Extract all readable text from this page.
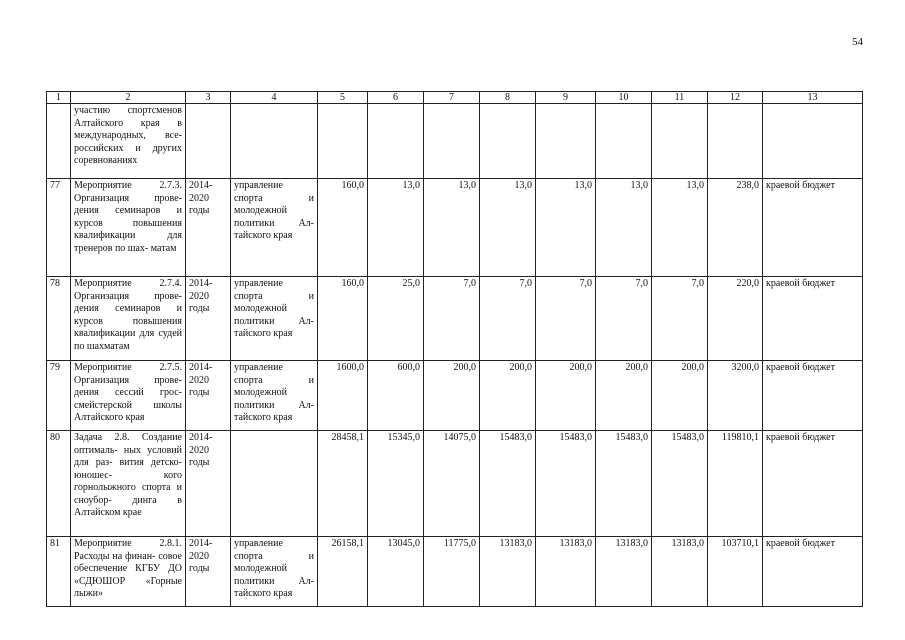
54
1	2	3	4	5	6	7	8	9	10	11	12	13
	участию спортсменов Алтайского края в международных, все- российских и других соревнованиях											
77	Мероприятие 2.7.3. Организация прове- дения семинаров и курсов повышения квалификации для тренеров по шах- матам	2014- 2020 годы	управление спорта и молодежной политики Ал- тайского края	160,0	13,0	13,0	13,0	13,0	13,0	13,0	238,0	краевой бюджет
78	Мероприятие 2.7.4. Организация прове- дения семинаров и курсов повышения квалификации для судей по шахматам	2014- 2020 годы	управление спорта и молодежной политики Ал- тайского края	160,0	25,0	7,0	7,0	7,0	7,0	7,0	220,0	краевой бюджет
79	Мероприятие 2.7.5. Организация прове- дения сессий грос- смейстерской школы Алтайского края	2014- 2020 годы	управление спорта и молодежной политики Ал- тайского края	1600,0	600,0	200,0	200,0	200,0	200,0	200,0	3200,0	краевой бюджет
80	Задача 2.8. Создание оптималь- ных условий для раз- вития детско-юношес- кого горнолыжного спорта и сноубор- динга в Алтайском крае	2014- 2020 годы		28458,1	15345,0	14075,0	15483,0	15483,0	15483,0	15483,0	119810,1	краевой бюджет
81	Мероприятие 2.8.1. Расходы на финан- совое обеспечение КГБУ ДО «СДЮШОР «Горные лыжи»	2014- 2020 годы	управление спорта и молодежной политики Ал- тайского края	26158,1	13045,0	11775,0	13183,0	13183,0	13183,0	13183,0	103710,1	краевой бюджет
